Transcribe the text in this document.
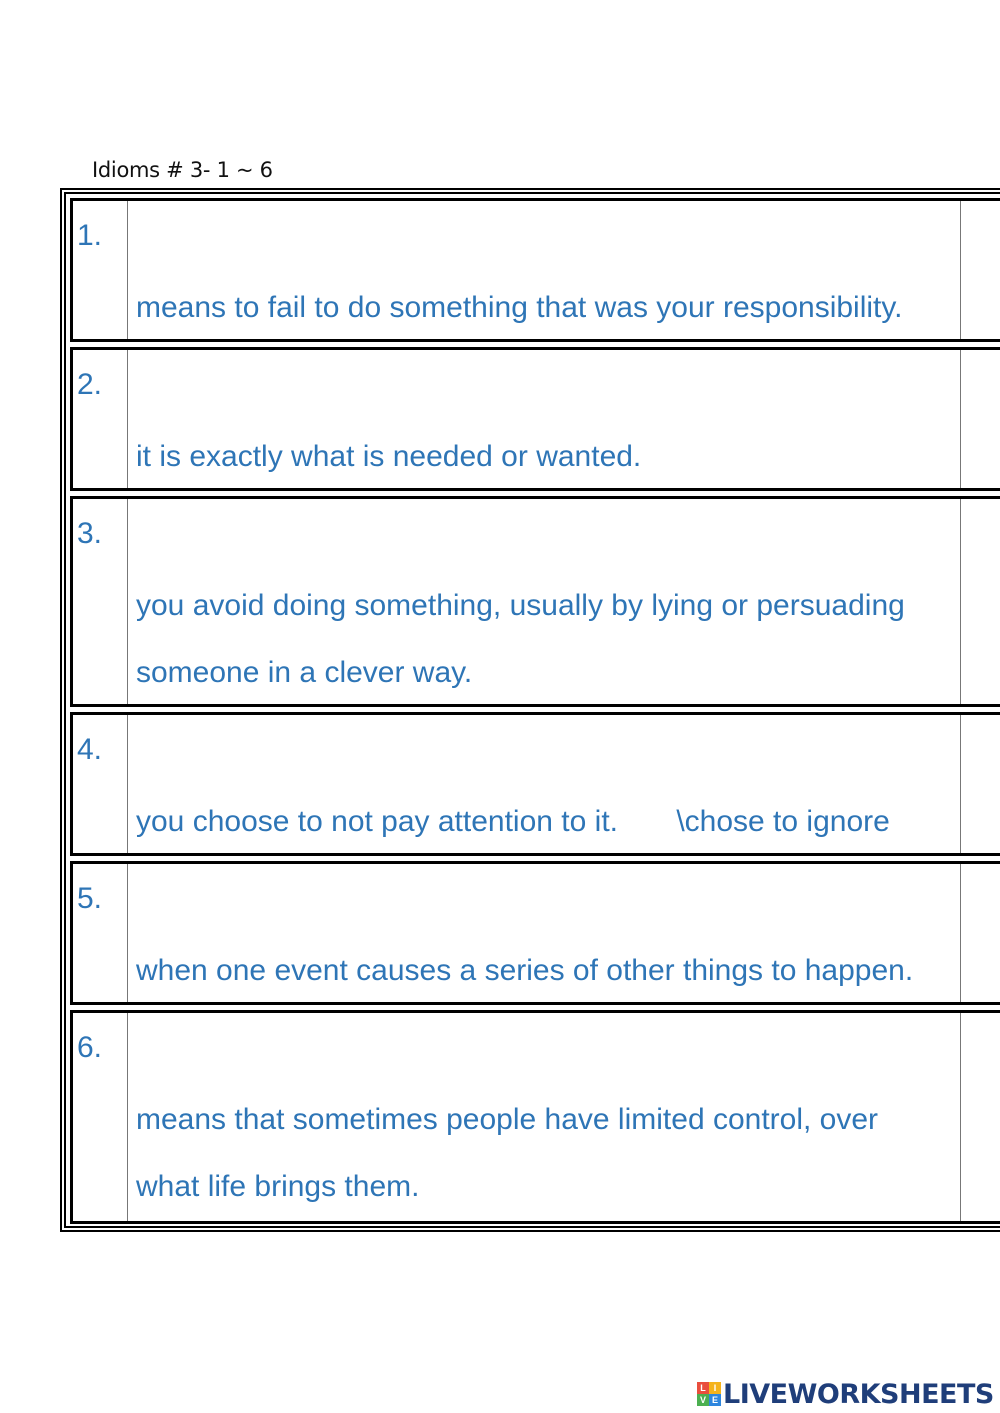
Idioms # 3- 1 ~ 6
1.
means to fail to do something that was your responsibility.
2.
it is exactly what is needed or wanted.
3.
you avoid doing something, usually by lying or persuading
someone in a clever way.
4.
you choose to not pay attention to it.       \chose to ignore
5.
when one event causes a series of other things to happen.
6.
means that sometimes people have limited control, over
what life brings them.
L I
V E LIVEWORKSHEETS
